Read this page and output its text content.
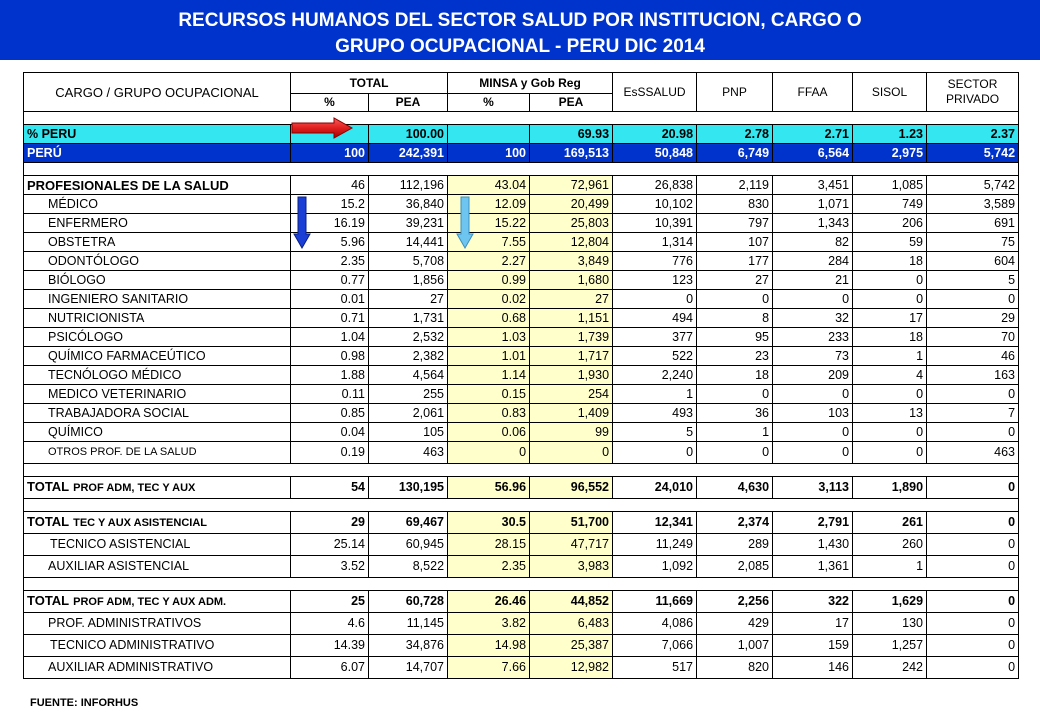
RECURSOS HUMANOS DEL SECTOR SALUD POR INSTITUCION, CARGO O
GRUPO OCUPACIONAL - PERU DIC 2014
CARGO / GRUPO OCUPACIONAL	TOTAL		MINSA y Gob Reg		EsSSALUD	PNP	FFAA	SISOL	SECTOR PRIVADO
	%	PEA	%	PEA					

% PERU		100.00		69.93	20.98	2.78	2.71	1.23	2.37
PERÚ	100	242,391	100	169,513	50,848	6,749	6,564	2,975	5,742

PROFESIONALES DE LA SALUD	46	112,196	43.04	72,961	26,838	2,119	3,451	1,085	5,742
MÉDICO	15.2	36,840	12.09	20,499	10,102	830	1,071	749	3,589
ENFERMERO	16.19	39,231	15.22	25,803	10,391	797	1,343	206	691
OBSTETRA	5.96	14,441	7.55	12,804	1,314	107	82	59	75
ODONTÓLOGO	2.35	5,708	2.27	3,849	776	177	284	18	604
BIÓLOGO	0.77	1,856	0.99	1,680	123	27	21	0	5
INGENIERO SANITARIO	0.01	27	0.02	27	0	0	0	0	0
NUTRICIONISTA	0.71	1,731	0.68	1,151	494	8	32	17	29
PSICÓLOGO	1.04	2,532	1.03	1,739	377	95	233	18	70
QUÍMICO FARMACEÚTICO	0.98	2,382	1.01	1,717	522	23	73	1	46
TECNÓLOGO MÉDICO	1.88	4,564	1.14	1,930	2,240	18	209	4	163
MEDICO VETERINARIO	0.11	255	0.15	254	1	0	0	0	0
TRABAJADORA SOCIAL	0.85	2,061	0.83	1,409	493	36	103	13	7
QUÍMICO	0.04	105	0.06	99	5	1	0	0	0
OTROS PROF. DE LA SALUD	0.19	463	0	0	0	0	0	0	463

TOTAL PROF ADM, TEC Y AUX	54	130,195	56.96	96,552	24,010	4,630	3,113	1,890	0

TOTAL TEC Y AUX ASISTENCIAL	29	69,467	30.5	51,700	12,341	2,374	2,791	261	0
TECNICO ASISTENCIAL	25.14	60,945	28.15	47,717	11,249	289	1,430	260	0
AUXILIAR ASISTENCIAL	3.52	8,522	2.35	3,983	1,092	2,085	1,361	1	0

TOTAL PROF ADM, TEC Y AUX ADM.	25	60,728	26.46	44,852	11,669	2,256	322	1,629	0
PROF. ADMINISTRATIVOS	4.6	11,145	3.82	6,483	4,086	429	17	130	0
TECNICO ADMINISTRATIVO	14.39	34,876	14.98	25,387	7,066	1,007	159	1,257	0
AUXILIAR ADMINISTRATIVO	6.07	14,707	7.66	12,982	517	820	146	242	0
FUENTE: INFORHUS
